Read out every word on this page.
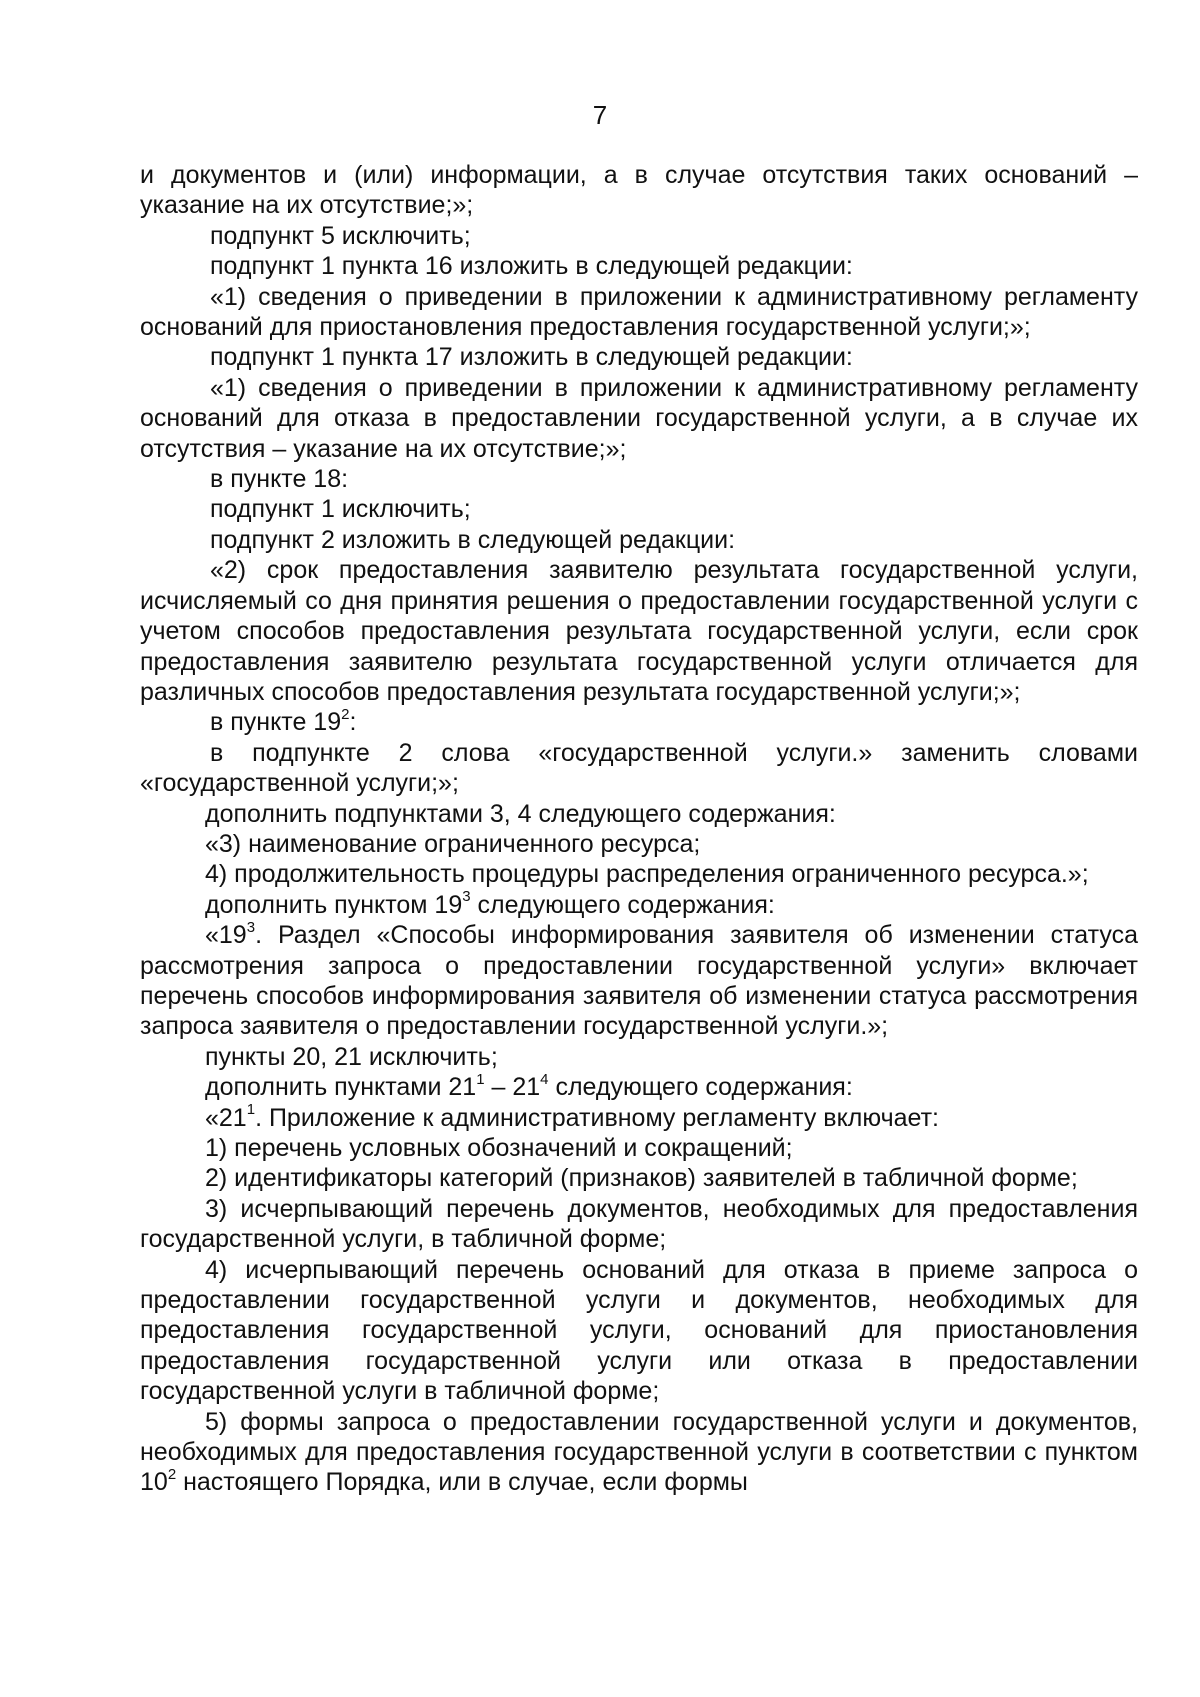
7

и документов и (или) информации, а в случае отсутствия таких оснований – указание на их отсутствие;»;

подпункт 5 исключить;

подпункт 1 пункта 16 изложить в следующей редакции:

«1) сведения о приведении в приложении к административному регламенту оснований для приостановления предоставления государственной услуги;»;

подпункт 1 пункта 17 изложить в следующей редакции:

«1) сведения о приведении в приложении к административному регламенту оснований для отказа в предоставлении государственной услуги, а в случае их отсутствия – указание на их отсутствие;»;

в пункте 18:

подпункт 1 исключить;

подпункт 2 изложить в следующей редакции:

«2) срок предоставления заявителю результата государственной услуги, исчисляемый со дня принятия решения о предоставлении государственной услуги с учетом способов предоставления результата государственной услуги, если срок предоставления заявителю результата государственной услуги отличается для различных способов предоставления результата государственной услуги;»;

в пункте $19^2$:

в подпункте 2 слова «государственной услуги.» заменить словами «государственной услуги;»;

дополнить подпунктами 3, 4 следующего содержания:

«3) наименование ограниченного ресурса;

4) продолжительность процедуры распределения ограниченного ресурса.»;

дополнить пунктом $19^3$ следующего содержания:

«$19^3$. Раздел «Способы информирования заявителя об изменении статуса рассмотрения запроса о предоставлении государственной услуги» включает перечень способов информирования заявителя об изменении статуса рассмотрения запроса заявителя о предоставлении государственной услуги.»;

пункты 20, 21 исключить;

дополнить пунктами $21^1 - 21^4$ следующего содержания:

«$21^1$. Приложение к административному регламенту включает:

1) перечень условных обозначений и сокращений;

2) идентификаторы категорий (признаков) заявителей в табличной форме;

3) исчерпывающий перечень документов, необходимых для предоставления государственной услуги, в табличной форме;

4) исчерпывающий перечень оснований для отказа в приеме запроса о предоставлении государственной услуги и документов, необходимых для предоставления государственной услуги, оснований для приостановления предоставления государственной услуги или отказа в предоставлении государственной услуги в табличной форме;

5) формы запроса о предоставлении государственной услуги и документов, необходимых для предоставления государственной услуги в соответствии с пунктом $10^2$ настоящего Порядка, или в случае, если формы
